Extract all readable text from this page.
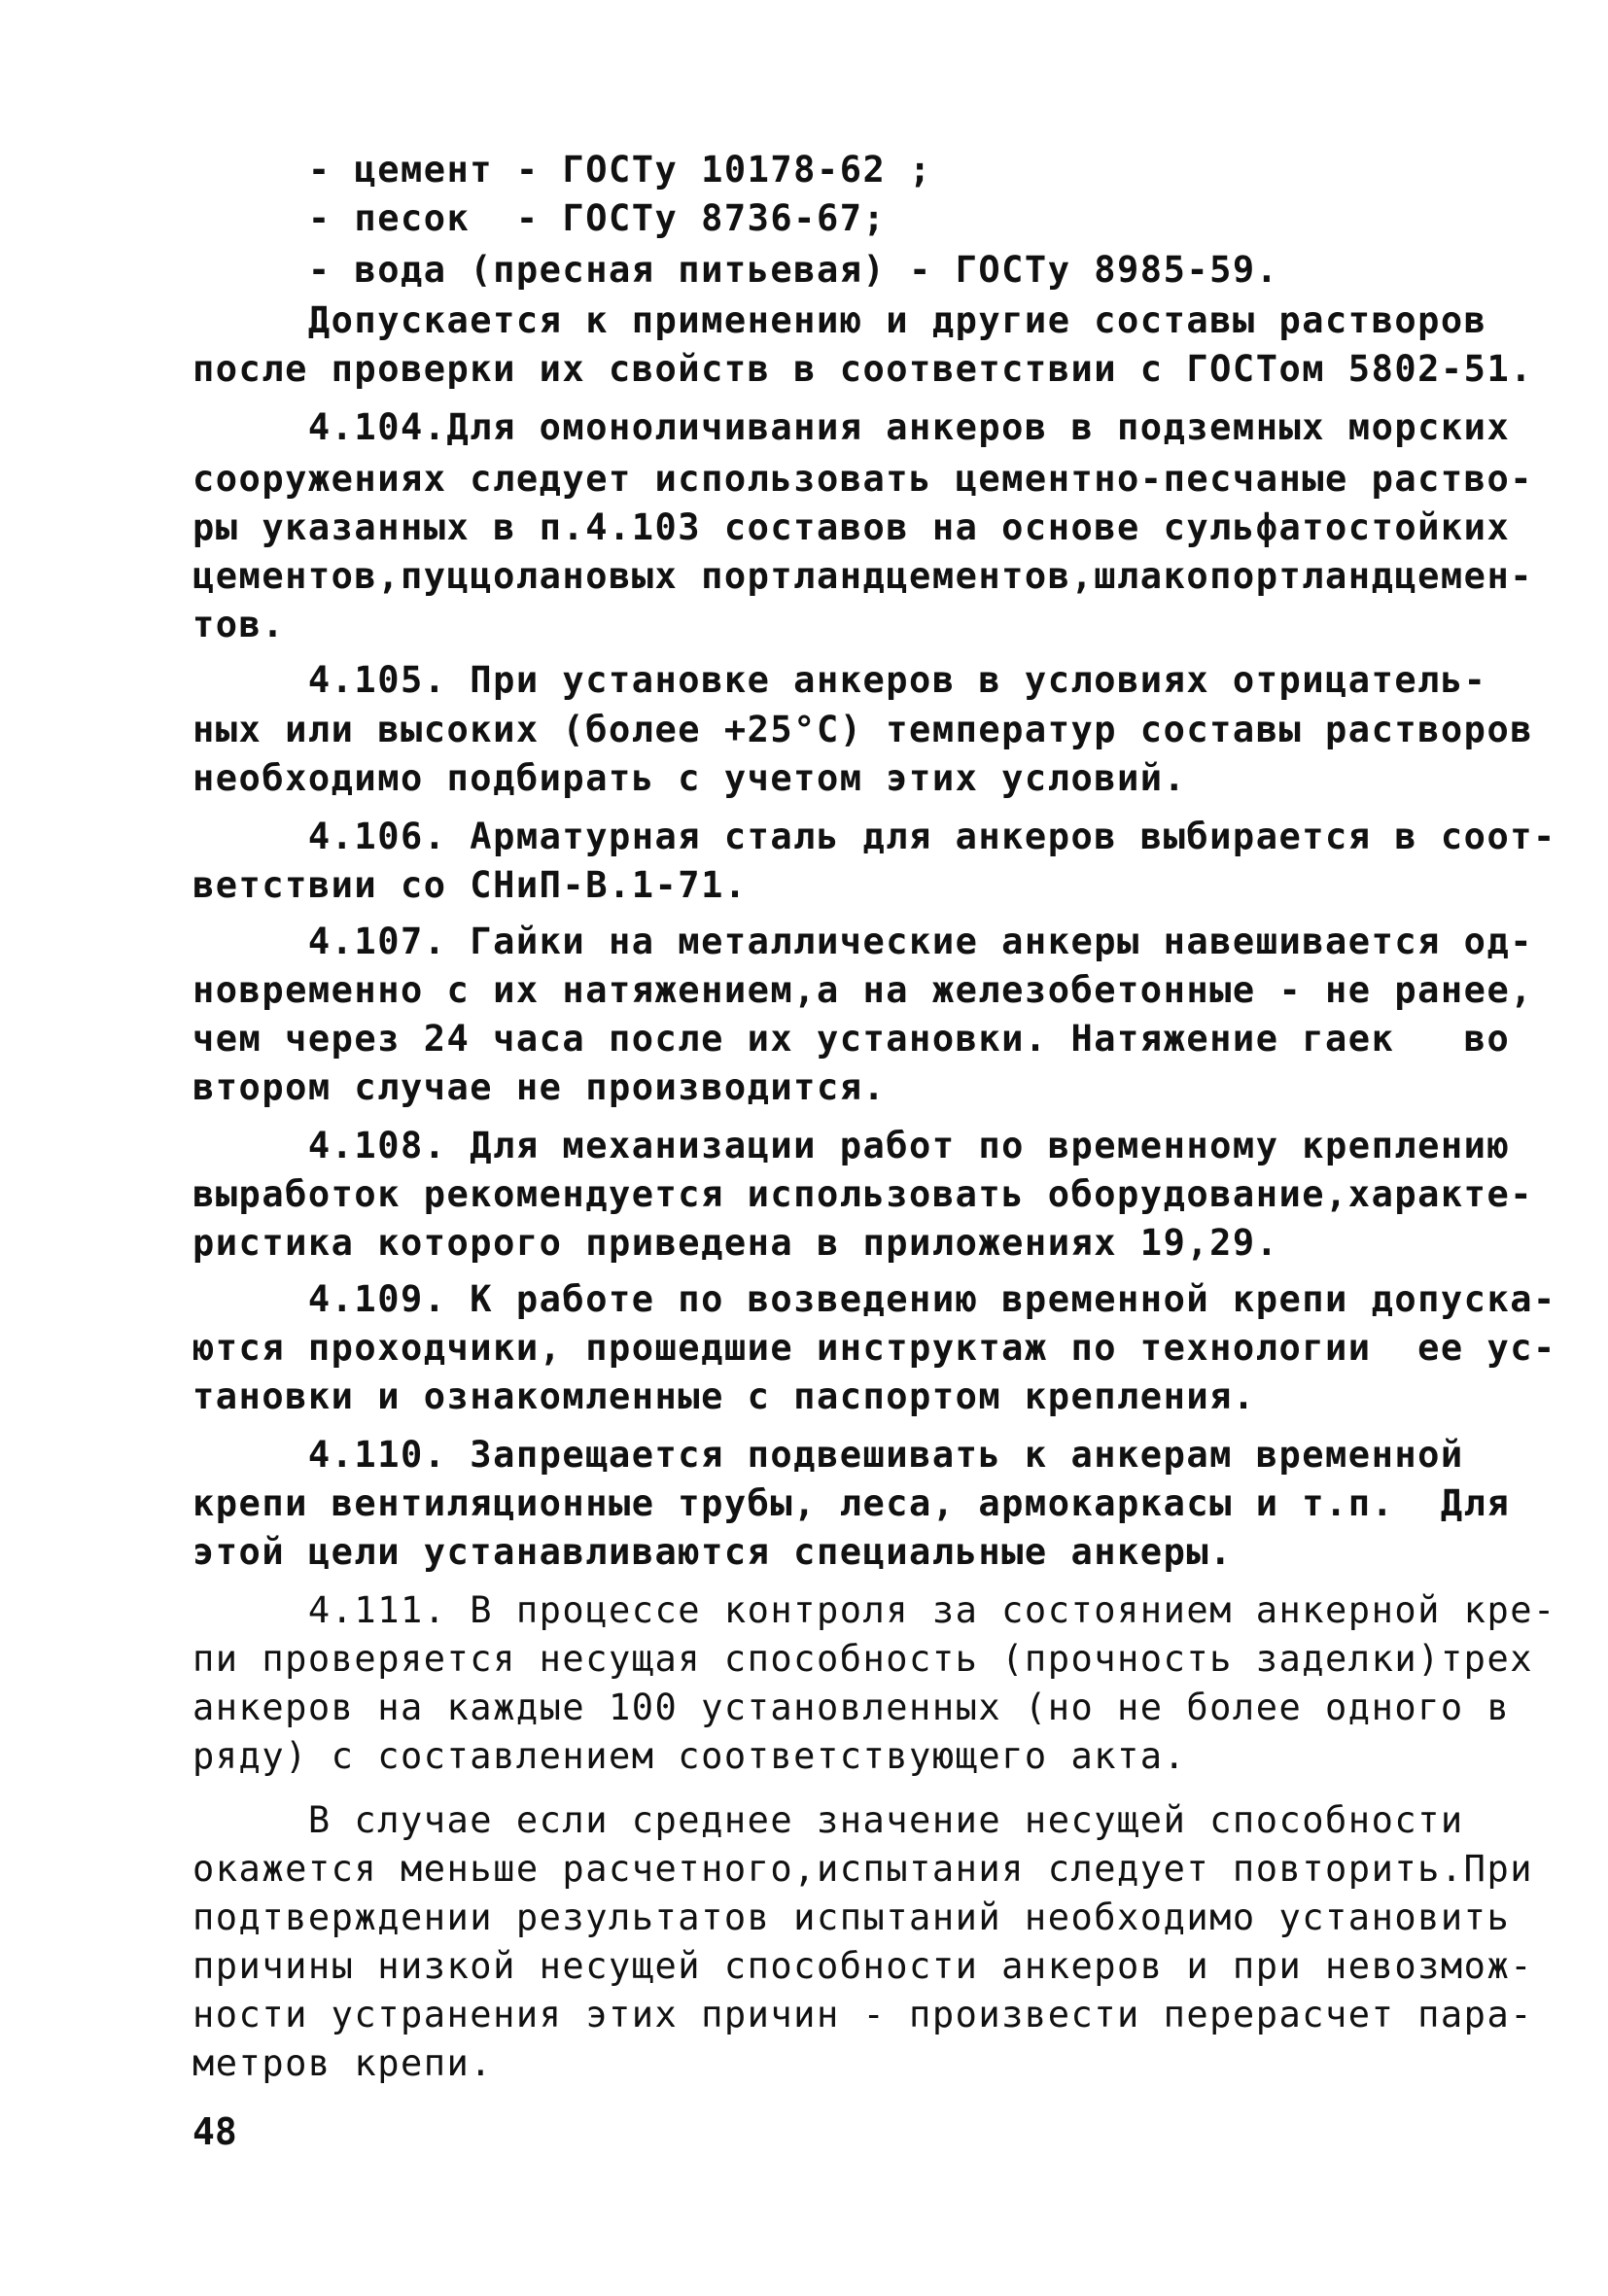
- цемент - ГОСТу 10178-62 ;
- песок  - ГОСТу 8736-67;
- вода (пресная питьевая) - ГОСТу 8985-59.
Допускается к применению и другие составы растворов
после проверки их свойств в соответствии с ГОСТом 5802-51.
4.104.Для омоноличивания анкеров в подземных морских
сооружениях следует использовать цементно-песчаные раство-
ры указанных в п.4.103 составов на основе сульфатостойких
цементов,пуццолановых портландцементов,шлакопортландцемен-
тов.
4.105. При установке анкеров в условиях отрицатель-
ных или высоких (более +25°С) температур составы растворов
необходимо подбирать с учетом этих условий.
4.106. Арматурная сталь для анкеров выбирается в соот-
ветствии со СНиП-В.1-71.
4.107. Гайки на металлические анкеры навешивается од-
новременно с их натяжением,а на железобетонные - не ранее,
чем через 24 часа после их установки. Натяжение гаек   во
втором случае не производится.
4.108. Для механизации работ по временному креплению
выработок рекомендуется использовать оборудование,характе-
ристика которого приведена в приложениях 19,29.
4.109. К работе по возведению временной крепи допуска-
ются проходчики, прошедшие инструктаж по технологии  ее ус-
тановки и ознакомленные с паспортом крепления.
4.110. Запрещается подвешивать к анкерам временной
крепи вентиляционные трубы, леса, армокаркасы и т.п.  Для
этой цели устанавливаются специальные анкеры.
4.111. В процессе контроля за состоянием анкерной кре-
пи проверяется несущая способность (прочность заделки)трех
анкеров на каждые 100 установленных (но не более одного в
ряду) с составлением соответствующего акта.
В случае если среднее значение несущей способности
окажется меньше расчетного,испытания следует повторить.При
подтверждении результатов испытаний необходимо установить
причины низкой несущей способности анкеров и при невозмож-
ности устранения этих причин - произвести перерасчет пара-
метров крепи.
48
